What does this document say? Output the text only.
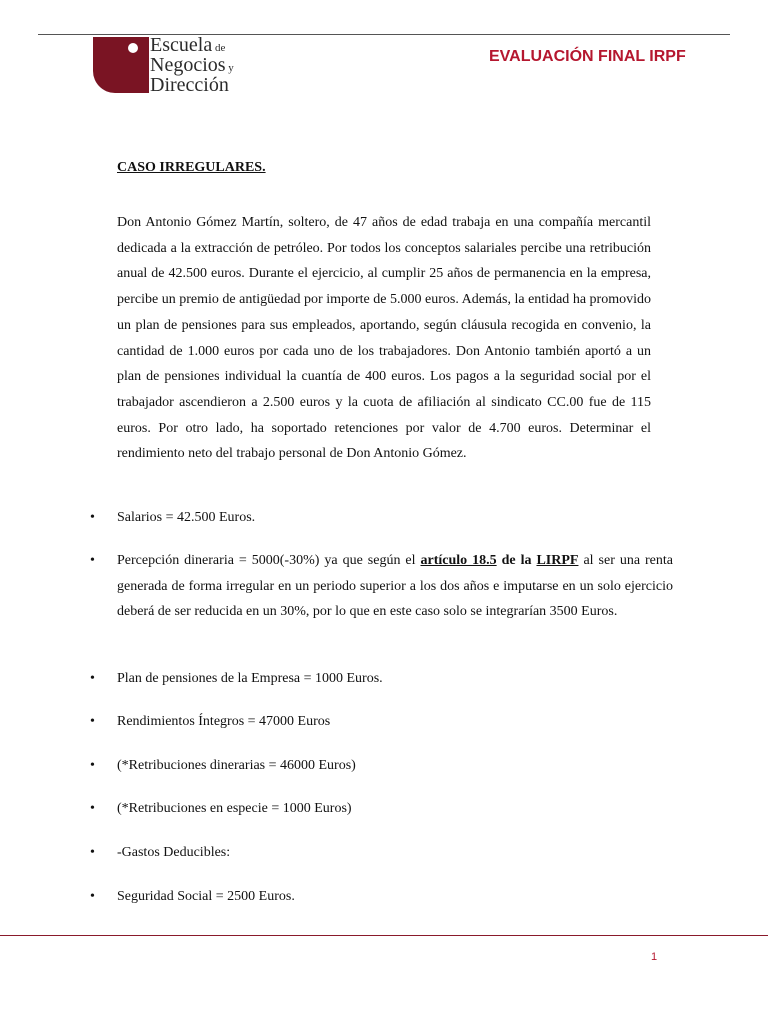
Escuela de
Negocios y
Dirección
EVALUACIÓN FINAL IRPF
CASO IRREGULARES.

Don Antonio Gómez Martín, soltero, de 47 años de edad trabaja en una compañía mercantil dedicada a la extracción de petróleo. Por todos los conceptos salariales percibe una retribución anual de 42.500 euros. Durante el ejercicio, al cumplir 25 años de permanencia en la empresa, percibe un premio de antigüedad por importe de 5.000 euros. Además, la entidad ha promovido un plan de pensiones para sus empleados, aportando, según cláusula recogida en convenio, la cantidad de 1.000 euros por cada uno de los trabajadores. Don Antonio también aportó a un plan de pensiones individual la cuantía de 400 euros. Los pagos a la seguridad social por el trabajador ascendieron a 2.500 euros y la cuota de afiliación al sindicato CC.00 fue de 115 euros. Por otro lado, ha soportado retenciones por valor de 4.700 euros. Determinar el rendimiento neto del trabajo personal de Don Antonio Gómez.

• Salarios = 42.500 Euros.
• Percepción dineraria = 5000(-30%) ya que según el artículo 18.5 de la LIRPF al ser una renta generada de forma irregular en un periodo superior a los dos años e imputarse en un solo ejercicio deberá de ser reducida en un 30%, por lo que en este caso solo se integrarían 3500 Euros.
• Plan de pensiones de la Empresa = 1000 Euros.
• Rendimientos Íntegros = 47000 Euros
• (*Retribuciones dinerarias = 46000 Euros)
• (*Retribuciones en especie = 1000 Euros)
• -Gastos Deducibles:
• Seguridad Social = 2500 Euros.
1
